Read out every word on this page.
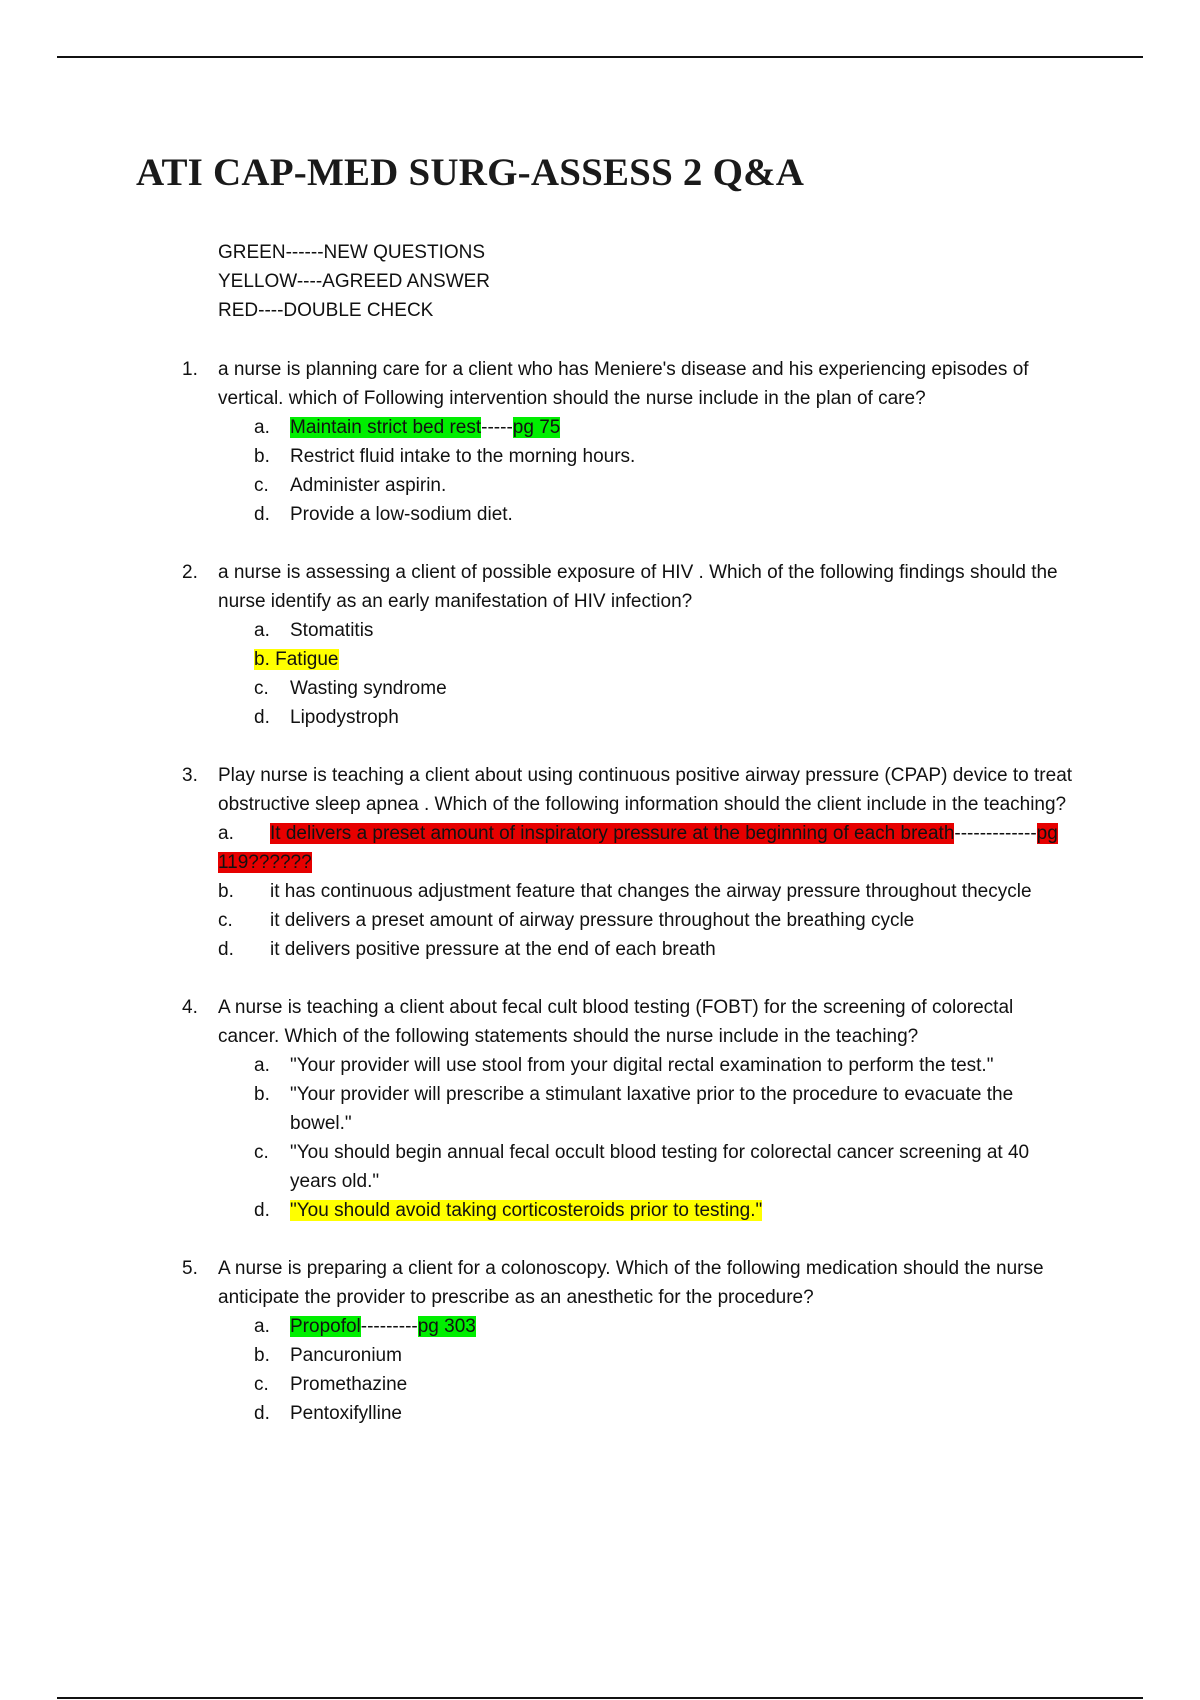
ATI CAP-MED SURG-ASSESS 2 Q&A
GREEN------NEW QUESTIONS
YELLOW----AGREED ANSWER
RED----DOUBLE CHECK
1. a nurse is planning care for a client who has Meniere's disease and his experiencing episodes of vertical. which of Following intervention should the nurse include in the plan of care?
a. Maintain strict bed rest-----pg 75
b. Restrict fluid intake to the morning hours.
c. Administer aspirin.
d. Provide a low-sodium diet.
2. a nurse is assessing a client of possible exposure of HIV . Which of the following findings should the nurse identify as an early manifestation of HIV infection?
a. Stomatitis
b. Fatigue
c. Wasting syndrome
d. Lipodystroph
3. Play nurse is teaching a client about using continuous positive airway pressure (CPAP) device to treat obstructive sleep apnea . Which of the following information should the client include in the teaching?
a. It delivers a preset amount of inspiratory pressure at the beginning of each breath-------------pg 119??????
b. it has continuous adjustment feature that changes the airway pressure throughout thecycle
c. it delivers a preset amount of airway pressure throughout the breathing cycle
d. it delivers positive pressure at the end of each breath
4. A nurse is teaching a client about fecal cult blood testing (FOBT) for the screening of colorectal cancer. Which of the following statements should the nurse include in the teaching?
a. "Your provider will use stool from your digital rectal examination to perform the test."
b. "Your provider will prescribe a stimulant laxative prior to the procedure to evacuate the bowel."
c. "You should begin annual fecal occult blood testing for colorectal cancer screening at 40 years old."
d. "You should avoid taking corticosteroids prior to testing."
5. A nurse is preparing a client for a colonoscopy. Which of the following medication should the nurse anticipate the provider to prescribe as an anesthetic for the procedure?
a. Propofol---------pg 303
b. Pancuronium
c. Promethazine
d. Pentoxifylline
